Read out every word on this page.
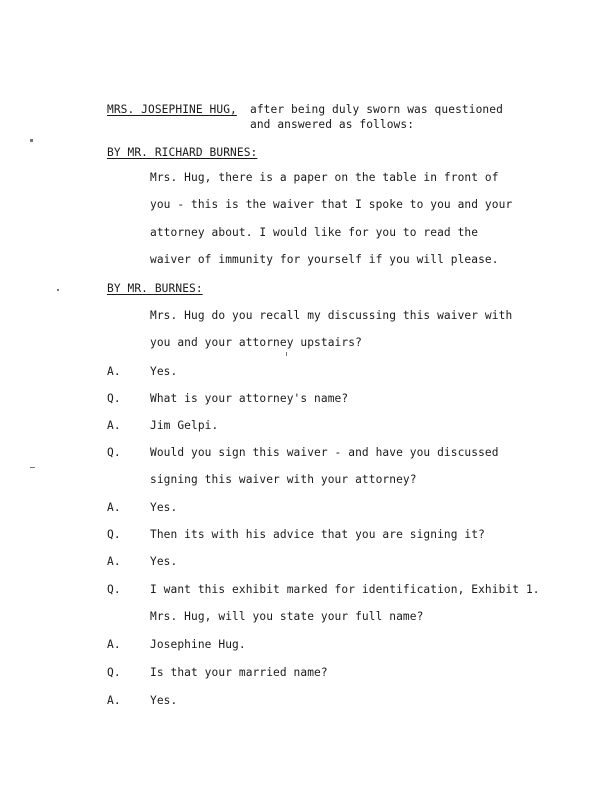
MRS. JOSEPHINE HUG, after being duly sworn was questioned
and answered as follows:
BY MR. RICHARD BURNES:
Mrs. Hug, there is a paper on the table in front of
you - this is the waiver that I spoke to you and your
attorney about. I would like for you to read the
waiver of immunity for yourself if you will please.
BY MR. BURNES:
Mrs. Hug do you recall my discussing this waiver with
you and your attorney upstairs?
A.	Yes.
Q.	What is your attorney's name?
A.	Jim Gelpi.
Q.	Would you sign this waiver - and have you discussed
signing this waiver with your attorney?
A.	Yes.
Q.	Then its with his advice that you are signing it?
A.	Yes.
Q.	I want this exhibit marked for identification, Exhibit 1.
Mrs. Hug, will you state your full name?
A.	Josephine Hug.
Q.	Is that your married name?
A.	Yes.
